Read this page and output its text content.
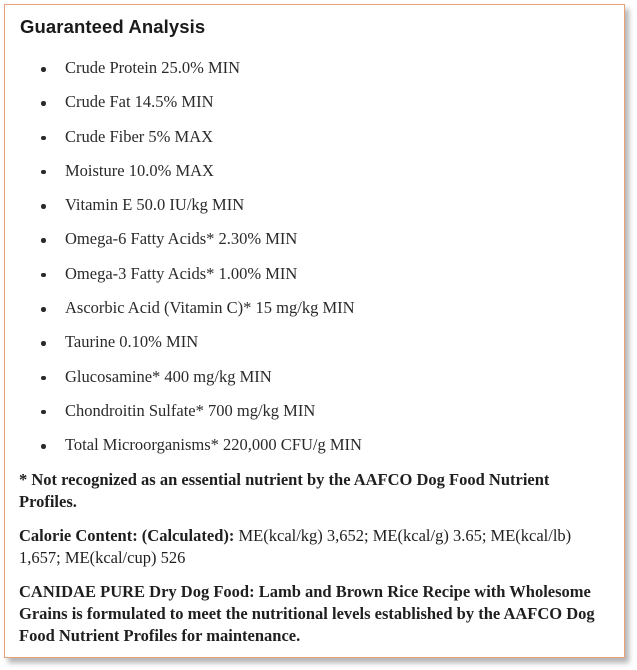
Guaranteed Analysis
Crude Protein 25.0% MIN
Crude Fat 14.5% MIN
Crude Fiber 5% MAX
Moisture 10.0% MAX
Vitamin E 50.0 IU/kg MIN
Omega-6 Fatty Acids* 2.30% MIN
Omega-3 Fatty Acids* 1.00% MIN
Ascorbic Acid (Vitamin C)* 15 mg/kg MIN
Taurine 0.10% MIN
Glucosamine* 400 mg/kg MIN
Chondroitin Sulfate* 700 mg/kg MIN
Total Microorganisms* 220,000 CFU/g MIN

* Not recognized as an essential nutrient by the AAFCO Dog Food Nutrient Profiles.

Calorie Content: (Calculated): ME(kcal/kg) 3,652; ME(kcal/g) 3.65; ME(kcal/lb) 1,657; ME(kcal/cup) 526

CANIDAE PURE Dry Dog Food: Lamb and Brown Rice Recipe with Wholesome Grains is formulated to meet the nutritional levels established by the AAFCO Dog Food Nutrient Profiles for maintenance.
